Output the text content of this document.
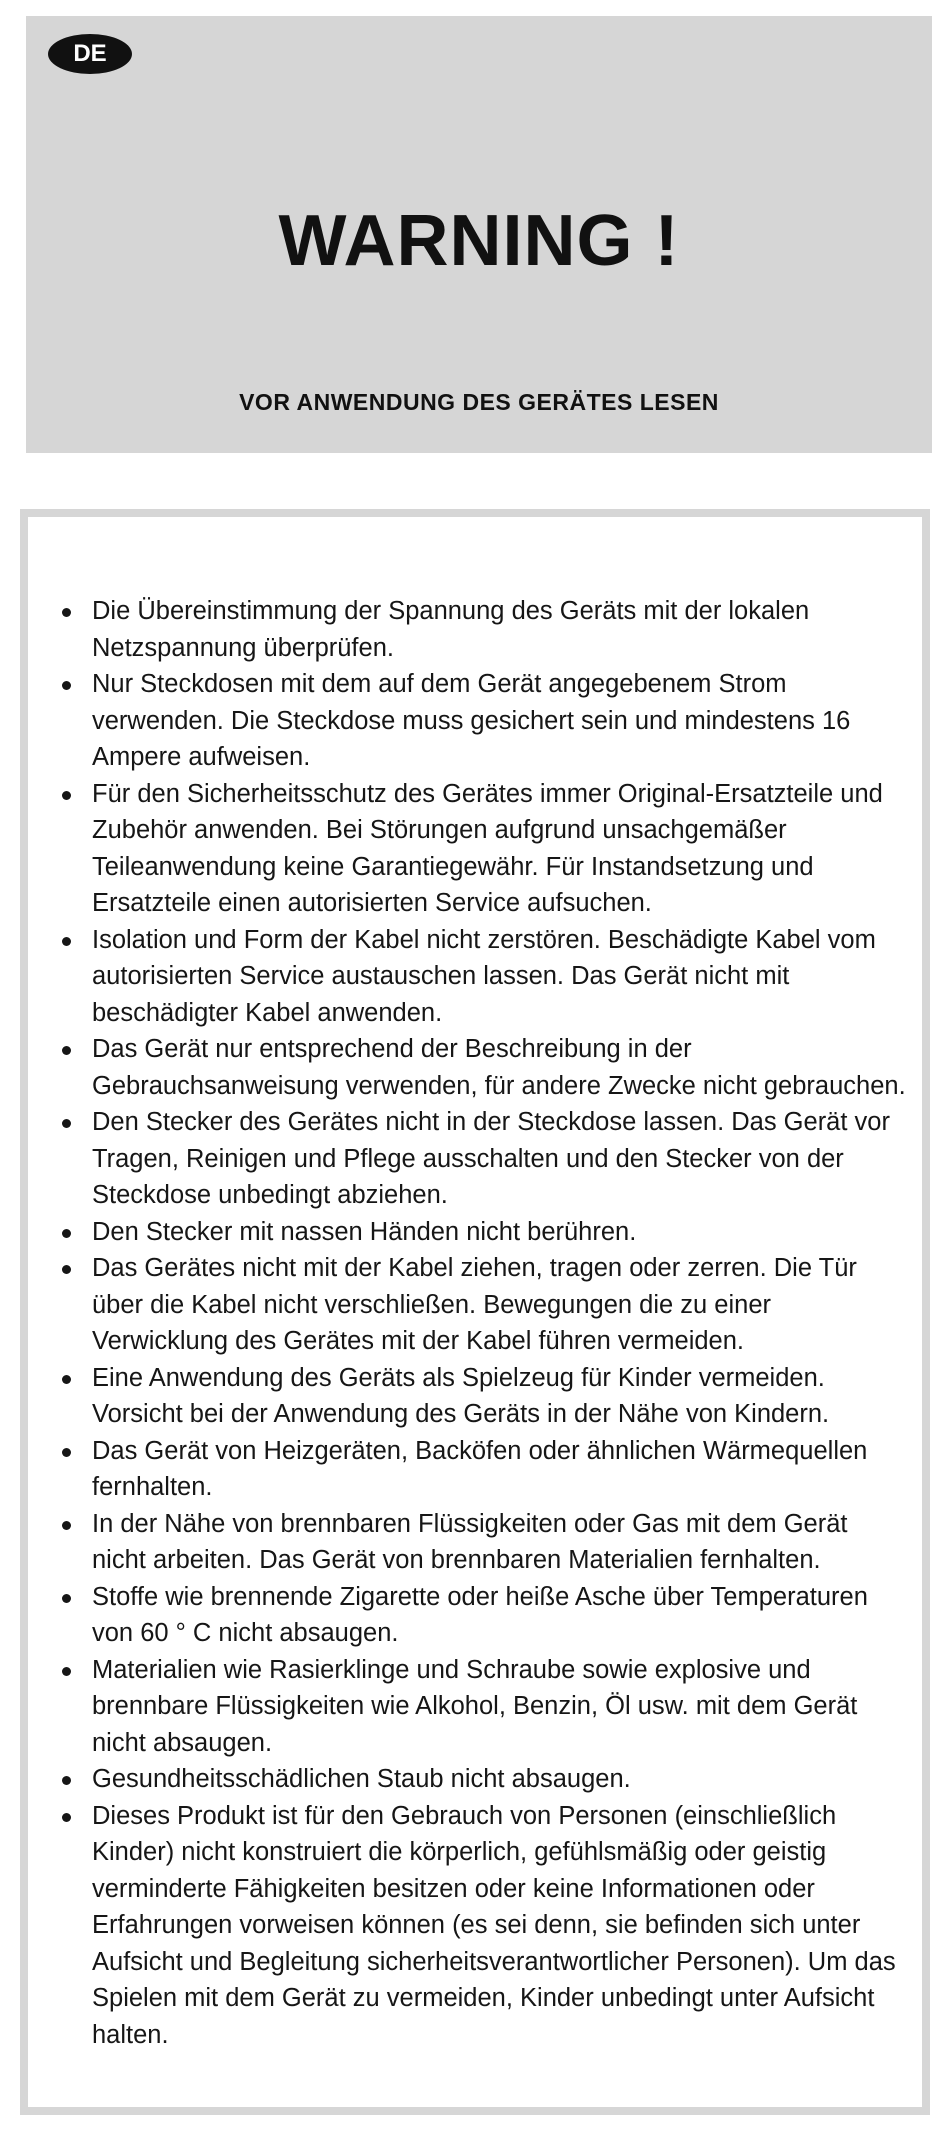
DE
WARNING !
VOR ANWENDUNG DES GERÄTES LESEN
Die Übereinstimmung der Spannung des Geräts mit der lokalen Netzspannung überprüfen.
Nur Steckdosen mit dem auf dem Gerät angegebenem Strom verwenden. Die Steckdose muss gesichert sein und mindestens 16 Ampere aufweisen.
Für den Sicherheitsschutz des Gerätes immer Original-Ersatzteile und Zubehör anwenden. Bei Störungen aufgrund unsachgemäßer Teileanwendung keine Garantiegewähr. Für Instandsetzung und Ersatzteile einen autorisierten Service aufsuchen.
Isolation und Form der Kabel nicht zerstören. Beschädigte Kabel vom autorisierten Service austauschen lassen. Das Gerät nicht mit beschädigter Kabel anwenden.
Das Gerät nur entsprechend der Beschreibung in der Gebrauchsanweisung verwenden, für andere Zwecke nicht gebrauchen.
Den Stecker des Gerätes nicht in der Steckdose lassen. Das Gerät vor Tragen, Reinigen und Pflege ausschalten und den Stecker von der Steckdose unbedingt abziehen.
Den Stecker mit nassen Händen nicht berühren.
Das Gerätes nicht mit der Kabel ziehen, tragen oder zerren. Die Tür über die Kabel nicht verschließen. Bewegungen die zu einer Verwicklung des Gerätes mit der Kabel führen vermeiden.
Eine Anwendung des Geräts als Spielzeug für Kinder vermeiden. Vorsicht bei der Anwendung des Geräts in der Nähe von Kindern.
Das Gerät von Heizgeräten, Backöfen oder ähnlichen Wärmequellen fernhalten.
In der Nähe von brennbaren Flüssigkeiten oder Gas mit dem Gerät nicht arbeiten. Das Gerät von brennbaren Materialien fernhalten.
Stoffe wie brennende Zigarette oder heiße Asche über Temperaturen von 60 ° C nicht absaugen.
Materialien wie Rasierklinge und Schraube sowie explosive und brennbare Flüssigkeiten wie Alkohol, Benzin, Öl usw. mit dem Gerät nicht absaugen.
Gesundheitsschädlichen Staub nicht absaugen.
Dieses Produkt ist für den Gebrauch von Personen (einschließlich Kinder) nicht konstruiert die körperlich, gefühlsmäßig oder geistig verminderte Fähigkeiten besitzen oder keine Informationen oder Erfahrungen vorweisen können (es sei denn, sie befinden sich unter Aufsicht und Begleitung sicherheitsverantwortlicher Personen). Um das Spielen mit dem Gerät zu vermeiden, Kinder unbedingt unter Aufsicht halten.
